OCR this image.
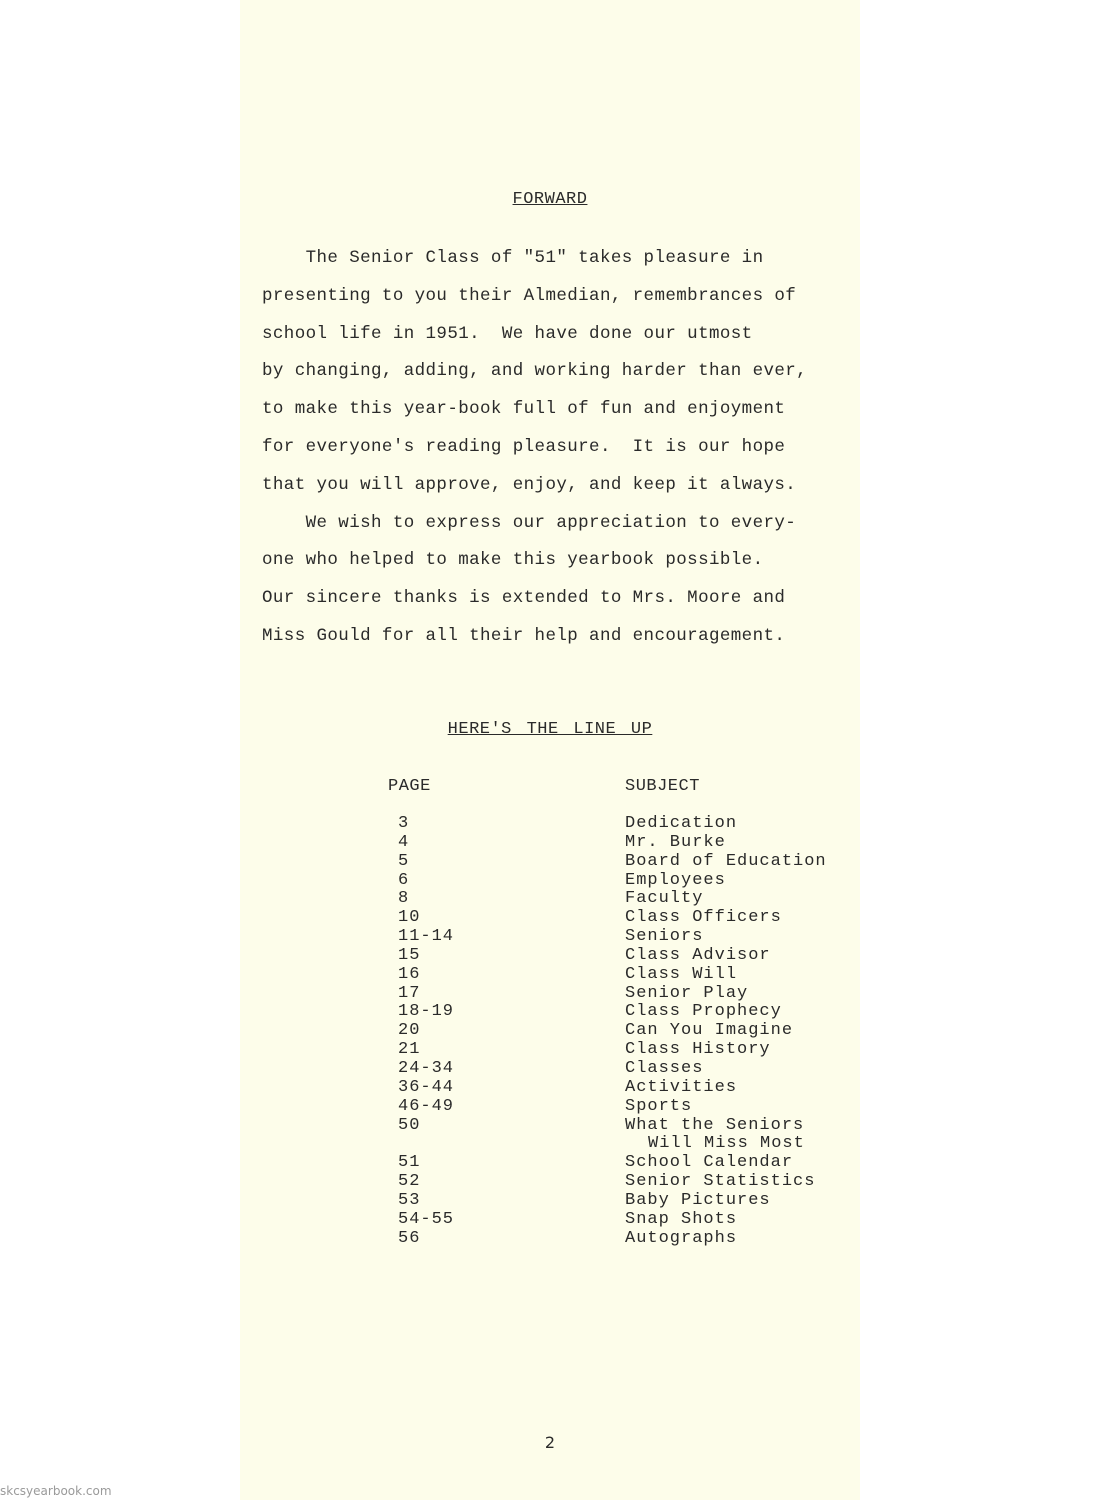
FORWARD

The Senior Class of "51" takes pleasure in
presenting to you their Almedian, remembrances of
school life in 1951.  We have done our utmost
by changing, adding, and working harder than ever,
to make this year-book full of fun and enjoyment
for everyone's reading pleasure.  It is our hope
that you will approve, enjoy, and keep it always.
We wish to express our appreciation to every-
one who helped to make this yearbook possible.
Our sincere thanks is extended to Mrs. Moore and
Miss Gould for all their help and encouragement.

HERE'S THE LINE UP
PAGE	SUBJECT
3	Dedication
4	Mr. Burke
5	Board of Education
6	Employees
8	Faculty
10	Class Officers
11-14	Seniors
15	Class Advisor
16	Class Will
17	Senior Play
18-19	Class Prophecy
20	Can You Imagine
21	Class History
24-34	Classes
36-44	Activities
46-49	Sports
50	What the Seniors
Will Miss Most
51	School Calendar
52	Senior Statistics
53	Baby Pictures
54-55	Snap Shots
56	Autographs
2
skcsyearbook.com
